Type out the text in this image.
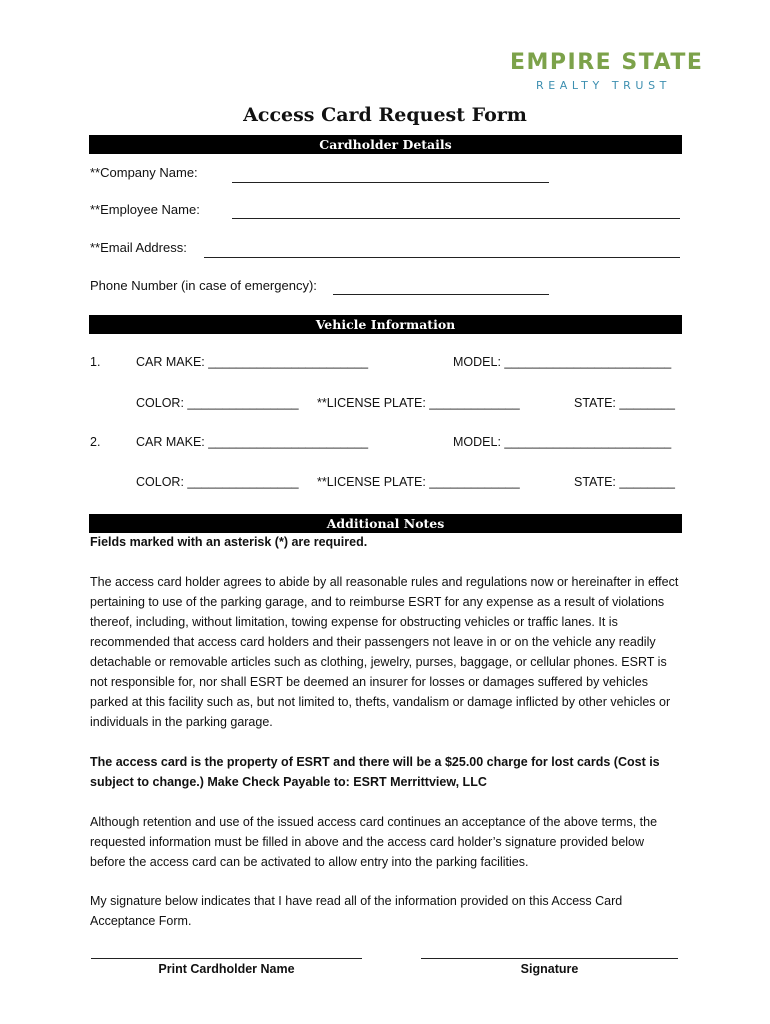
EMPIRE STATE
REALTY TRUST
Access Card Request Form
Cardholder Details
**Company Name:
**Employee Name:
**Email Address:
Phone Number (in case of emergency):
Vehicle Information
1.	CAR MAKE: _______________________	MODEL: ________________________
COLOR: ________________ **LICENSE PLATE: _____________	STATE: ________
2.	CAR MAKE: _______________________	MODEL: ________________________
COLOR: ________________ **LICENSE PLATE: _____________	STATE: ________
Additional Notes
Fields marked with an asterisk (*) are required.
The access card holder agrees to abide by all reasonable rules and regulations now or hereinafter in effect pertaining to use of the parking garage, and to reimburse ESRT for any expense as a result of violations thereof, including, without limitation, towing expense for obstructing vehicles or traffic lanes. It is recommended that access card holders and their passengers not leave in or on the vehicle any readily detachable or removable articles such as clothing, jewelry, purses, baggage, or cellular phones. ESRT is not responsible for, nor shall ESRT be deemed an insurer for losses or damages suffered by vehicles parked at this facility such as, but not limited to, thefts, vandalism or damage inflicted by other vehicles or individuals in the parking garage.
The access card is the property of ESRT and there will be a $25.00 charge for lost cards (Cost is subject to change.) Make Check Payable to: ESRT Merrittview, LLC
Although retention and use of the issued access card continues an acceptance of the above terms, the requested information must be filled in above and the access card holder’s signature provided below before the access card can be activated to allow entry into the parking facilities.
My signature below indicates that I have read all of the information provided on this Access Card Acceptance Form.
Print Cardholder Name	Signature
